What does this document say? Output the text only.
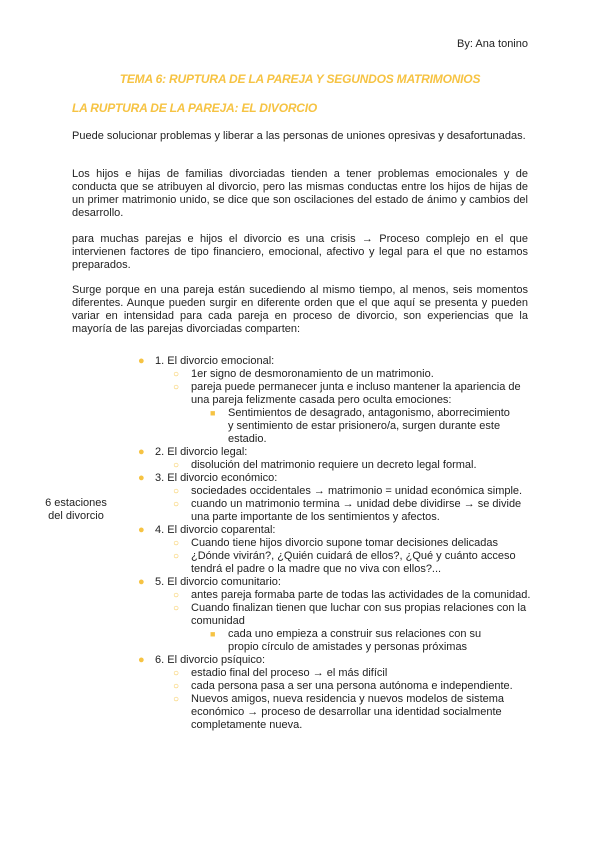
By: Ana tonino
TEMA 6: RUPTURA DE LA PAREJA Y SEGUNDOS MATRIMONIOS
LA RUPTURA DE LA PAREJA: EL DIVORCIO

Puede solucionar problemas y liberar a las personas de uniones opresivas y desafortunadas.

Los hijos e hijas de familias divorciadas tienden a tener problemas emocionales y de conducta que se atribuyen al divorcio, pero las mismas conductas entre los hijos de hijas de un primer matrimonio unido, se dice que son oscilaciones del estado de ánimo y cambios del desarrollo.

para muchas parejas e hijos el divorcio es una crisis → Proceso complejo en el que intervienen factores de tipo financiero, emocional, afectivo y legal para el que no estamos preparados.

Surge porque en una pareja están sucediendo al mismo tiempo, al menos, seis momentos diferentes. Aunque pueden surgir en diferente orden que el que aquí se presenta y pueden variar en intensidad para cada pareja en proceso de divorcio, son experiencias que la mayoría de las parejas divorciadas comparten:

6 estaciones
del divorcio
● 1. El divorcio emocional:
○ 1er signo de desmoronamiento de un matrimonio.
○ pareja puede permanecer junta e incluso mantener la apariencia de una pareja felizmente casada pero oculta emociones:
■ Sentimientos de desagrado, antagonismo, aborrecimiento y sentimiento de estar prisionero/a, surgen durante este estadio.
● 2. El divorcio legal:
○ disolución del matrimonio requiere un decreto legal formal.
● 3. El divorcio económico:
○ sociedades occidentales → matrimonio = unidad económica simple.
○ cuando un matrimonio termina → unidad debe dividirse → se divide una parte importante de los sentimientos y afectos.
● 4. El divorcio coparental:
○ Cuando tiene hijos divorcio supone tomar decisiones delicadas
○ ¿Dónde vivirán?, ¿Quién cuidará de ellos?, ¿Qué y cuánto acceso tendrá el padre o la madre que no viva con ellos?...
● 5. El divorcio comunitario:
○ antes pareja formaba parte de todas las actividades de la comunidad.
○ Cuando finalizan tienen que luchar con sus propias relaciones con la comunidad
■ cada uno empieza a construir sus relaciones con su propio círculo de amistades y personas próximas
● 6. El divorcio psíquico:
○ estadio final del proceso → el más difícil
○ cada persona pasa a ser una persona autónoma e independiente.
○ Nuevos amigos, nueva residencia y nuevos modelos de sistema económico → proceso de desarrollar una identidad socialmente completamente nueva.
